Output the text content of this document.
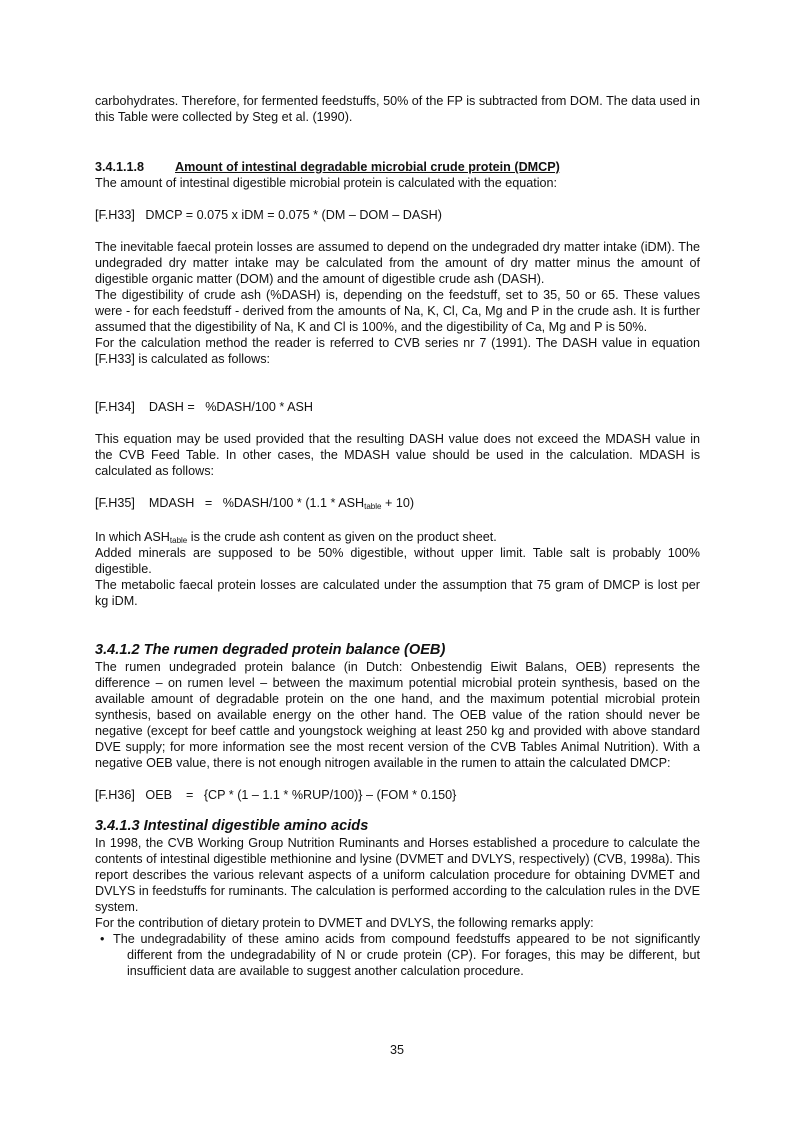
carbohydrates. Therefore, for fermented feedstuffs, 50% of the FP is subtracted from DOM. The data used in this Table were collected by Steg et al. (1990).

3.4.1.1.8 Amount of intestinal degradable microbial crude protein (DMCP)

The amount of intestinal digestible microbial protein is calculated with the equation:

[F.H33]   DMCP = 0.075 x iDM = 0.075 * (DM – DOM – DASH)

The inevitable faecal protein losses are assumed to depend on the undegraded dry matter intake (iDM). The undegraded dry matter intake may be calculated from the amount of dry matter minus the amount of digestible organic matter (DOM) and the amount of digestible crude ash (DASH).

The digestibility of crude ash (%DASH) is, depending on the feedstuff, set to 35, 50 or 65. These values were - for each feedstuff - derived from the amounts of Na, K, Cl, Ca, Mg and P in the crude ash. It is further assumed that the digestibility of Na, K and Cl is 100%, and the digestibility of Ca, Mg and P is 50%.

For the calculation method the reader is referred to CVB series nr 7 (1991). The DASH value in equation [F.H33] is calculated as follows:

[F.H34]    DASH =   %DASH/100 * ASH

This equation may be used provided that the resulting DASH value does not exceed the MDASH value in the CVB Feed Table. In other cases, the MDASH value should be used in the calculation. MDASH is calculated as follows:

[F.H35]    MDASH   =   %DASH/100 * $(1.1 * ASH_{table} + 10)$

In which $ASH_{table}$ is the crude ash content as given on the product sheet.

Added minerals are supposed to be 50% digestible, without upper limit. Table salt is probably 100% digestible.

The metabolic faecal protein losses are calculated under the assumption that 75 gram of DMCP is lost per kg iDM.

3.4.1.2 The rumen degraded protein balance (OEB)

The rumen undegraded protein balance (in Dutch: Onbestendig Eiwit Balans, OEB) represents the difference – on rumen level – between the maximum potential microbial protein synthesis, based on the available amount of degradable protein on the one hand, and the maximum potential microbial protein synthesis, based on available energy on the other hand. The OEB value of the ration should never be negative (except for beef cattle and youngstock weighing at least 250 kg and provided with above standard DVE supply; for more information see the most recent version of the CVB Tables Animal Nutrition). With a negative OEB value, there is not enough nitrogen available in the rumen to attain the calculated DMCP:

[F.H36]   OEB    =   {CP * (1 – 1.1 * %RUP/100)} – (FOM * 0.150}
3.4.1.3 Intestinal digestible amino acids

In 1998, the CVB Working Group Nutrition Ruminants and Horses established a procedure to calculate the contents of intestinal digestible methionine and lysine (DVMET and DVLYS, respectively) (CVB, 1998a). This report describes the various relevant aspects of a uniform calculation procedure for obtaining DVMET and DVLYS in feedstuffs for ruminants. The calculation is performed according to the calculation rules in the DVE system.

For the contribution of dietary protein to DVMET and DVLYS, the following remarks apply:

• The undegradability of these amino acids from compound feedstuffs appeared to be not significantly different from the undegradability of N or crude protein (CP). For forages, this may be different, but insufficient data are available to suggest another calculation procedure.
35
